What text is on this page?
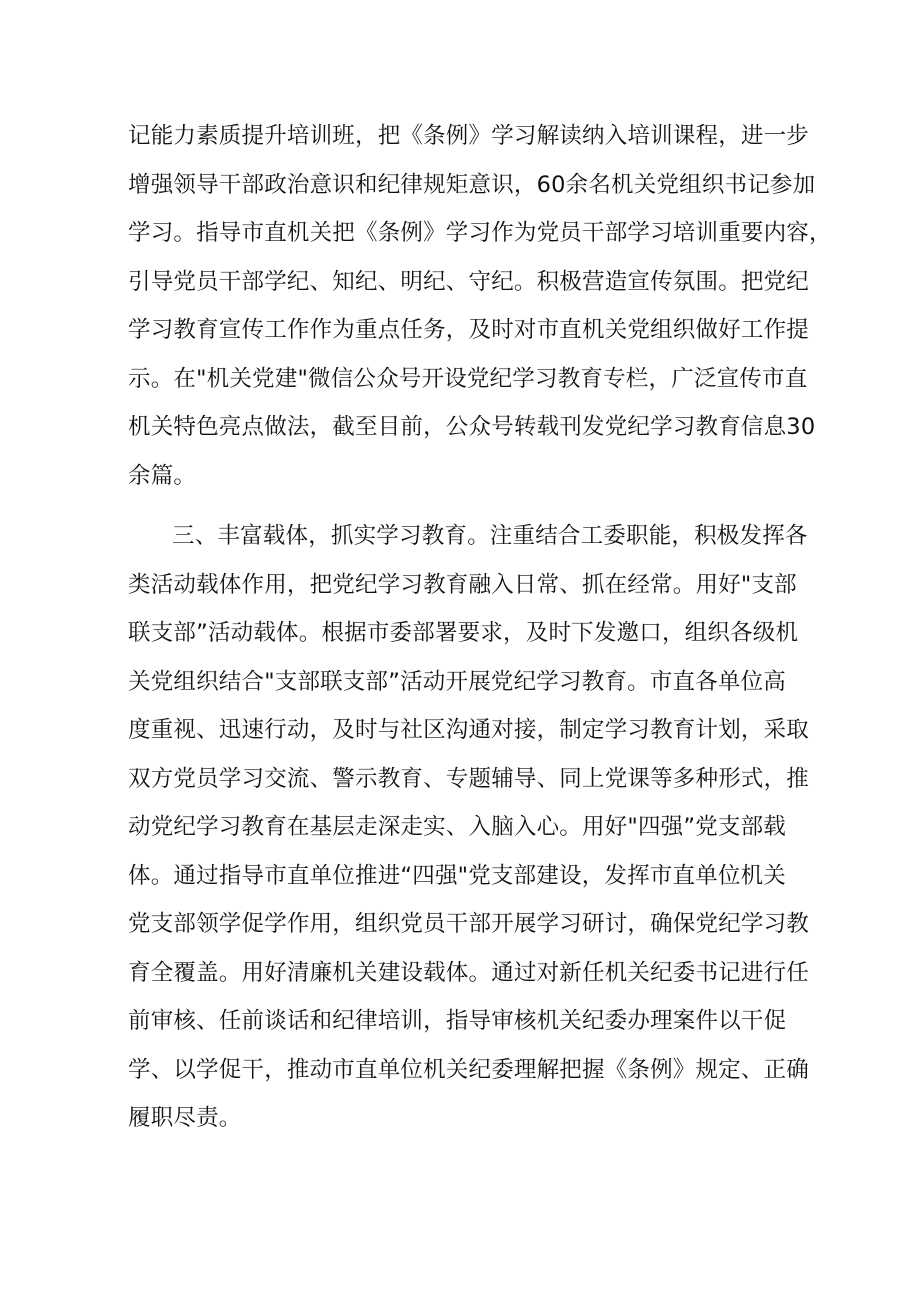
记能力素质提升培训班，把《条例》学习解读纳入培训课程，进一步
增强领导干部政治意识和纪律规矩意识，60余名机关党组织书记参加
学习。指导市直机关把《条例》学习作为党员干部学习培训重要内容，
引导党员干部学纪、知纪、明纪、守纪。积极营造宣传氛围。把党纪
学习教育宣传工作作为重点任务，及时对市直机关党组织做好工作提
示。在"机关党建"微信公众号开设党纪学习教育专栏，广泛宣传市直
机关特色亮点做法，截至目前，公众号转载刊发党纪学习教育信息30
余篇。
三、丰富载体，抓实学习教育。注重结合工委职能，积极发挥各
类活动载体作用，把党纪学习教育融入日常、抓在经常。用好"支部
联支部”活动载体。根据市委部署要求，及时下发邀口，组织各级机
关党组织结合"支部联支部”活动开展党纪学习教育。市直各单位高
度重视、迅速行动，及时与社区沟通对接，制定学习教育计划，采取
双方党员学习交流、警示教育、专题辅导、同上党课等多种形式，推
动党纪学习教育在基层走深走实、入脑入心。用好"四强”党支部载
体。通过指导市直单位推进“四强"党支部建设，发挥市直单位机关
党支部领学促学作用，组织党员干部开展学习研讨，确保党纪学习教
育全覆盖。用好清廉机关建设载体。通过对新任机关纪委书记进行任
前审核、任前谈话和纪律培训，指导审核机关纪委办理案件以干促
学、以学促干，推动市直单位机关纪委理解把握《条例》规定、正确
履职尽责。
